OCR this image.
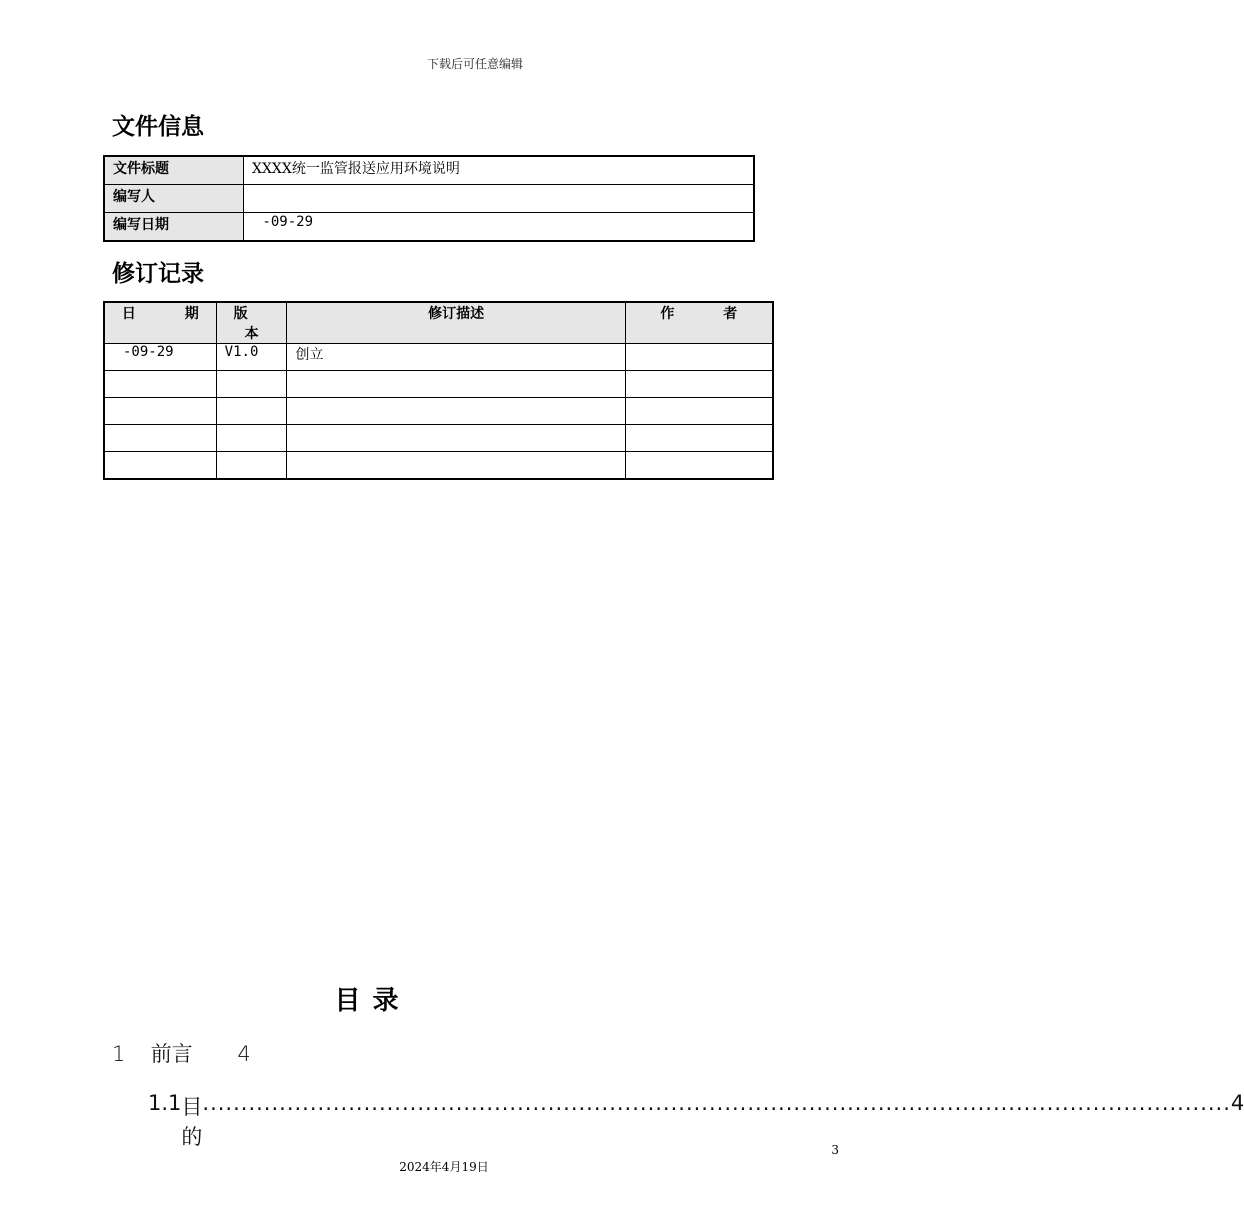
下载后可任意编辑
文件信息
文件标题	XXXX统一监管报送应用环境说明
编写人	
编写日期	-09-29
修订记录
日 期	版 本	修订描述	作 者
-09-29	V1.0	创立	

目录
1 前言 4
1.1 目的
...................................................................................................................................... 4
3
2024年4月19日
